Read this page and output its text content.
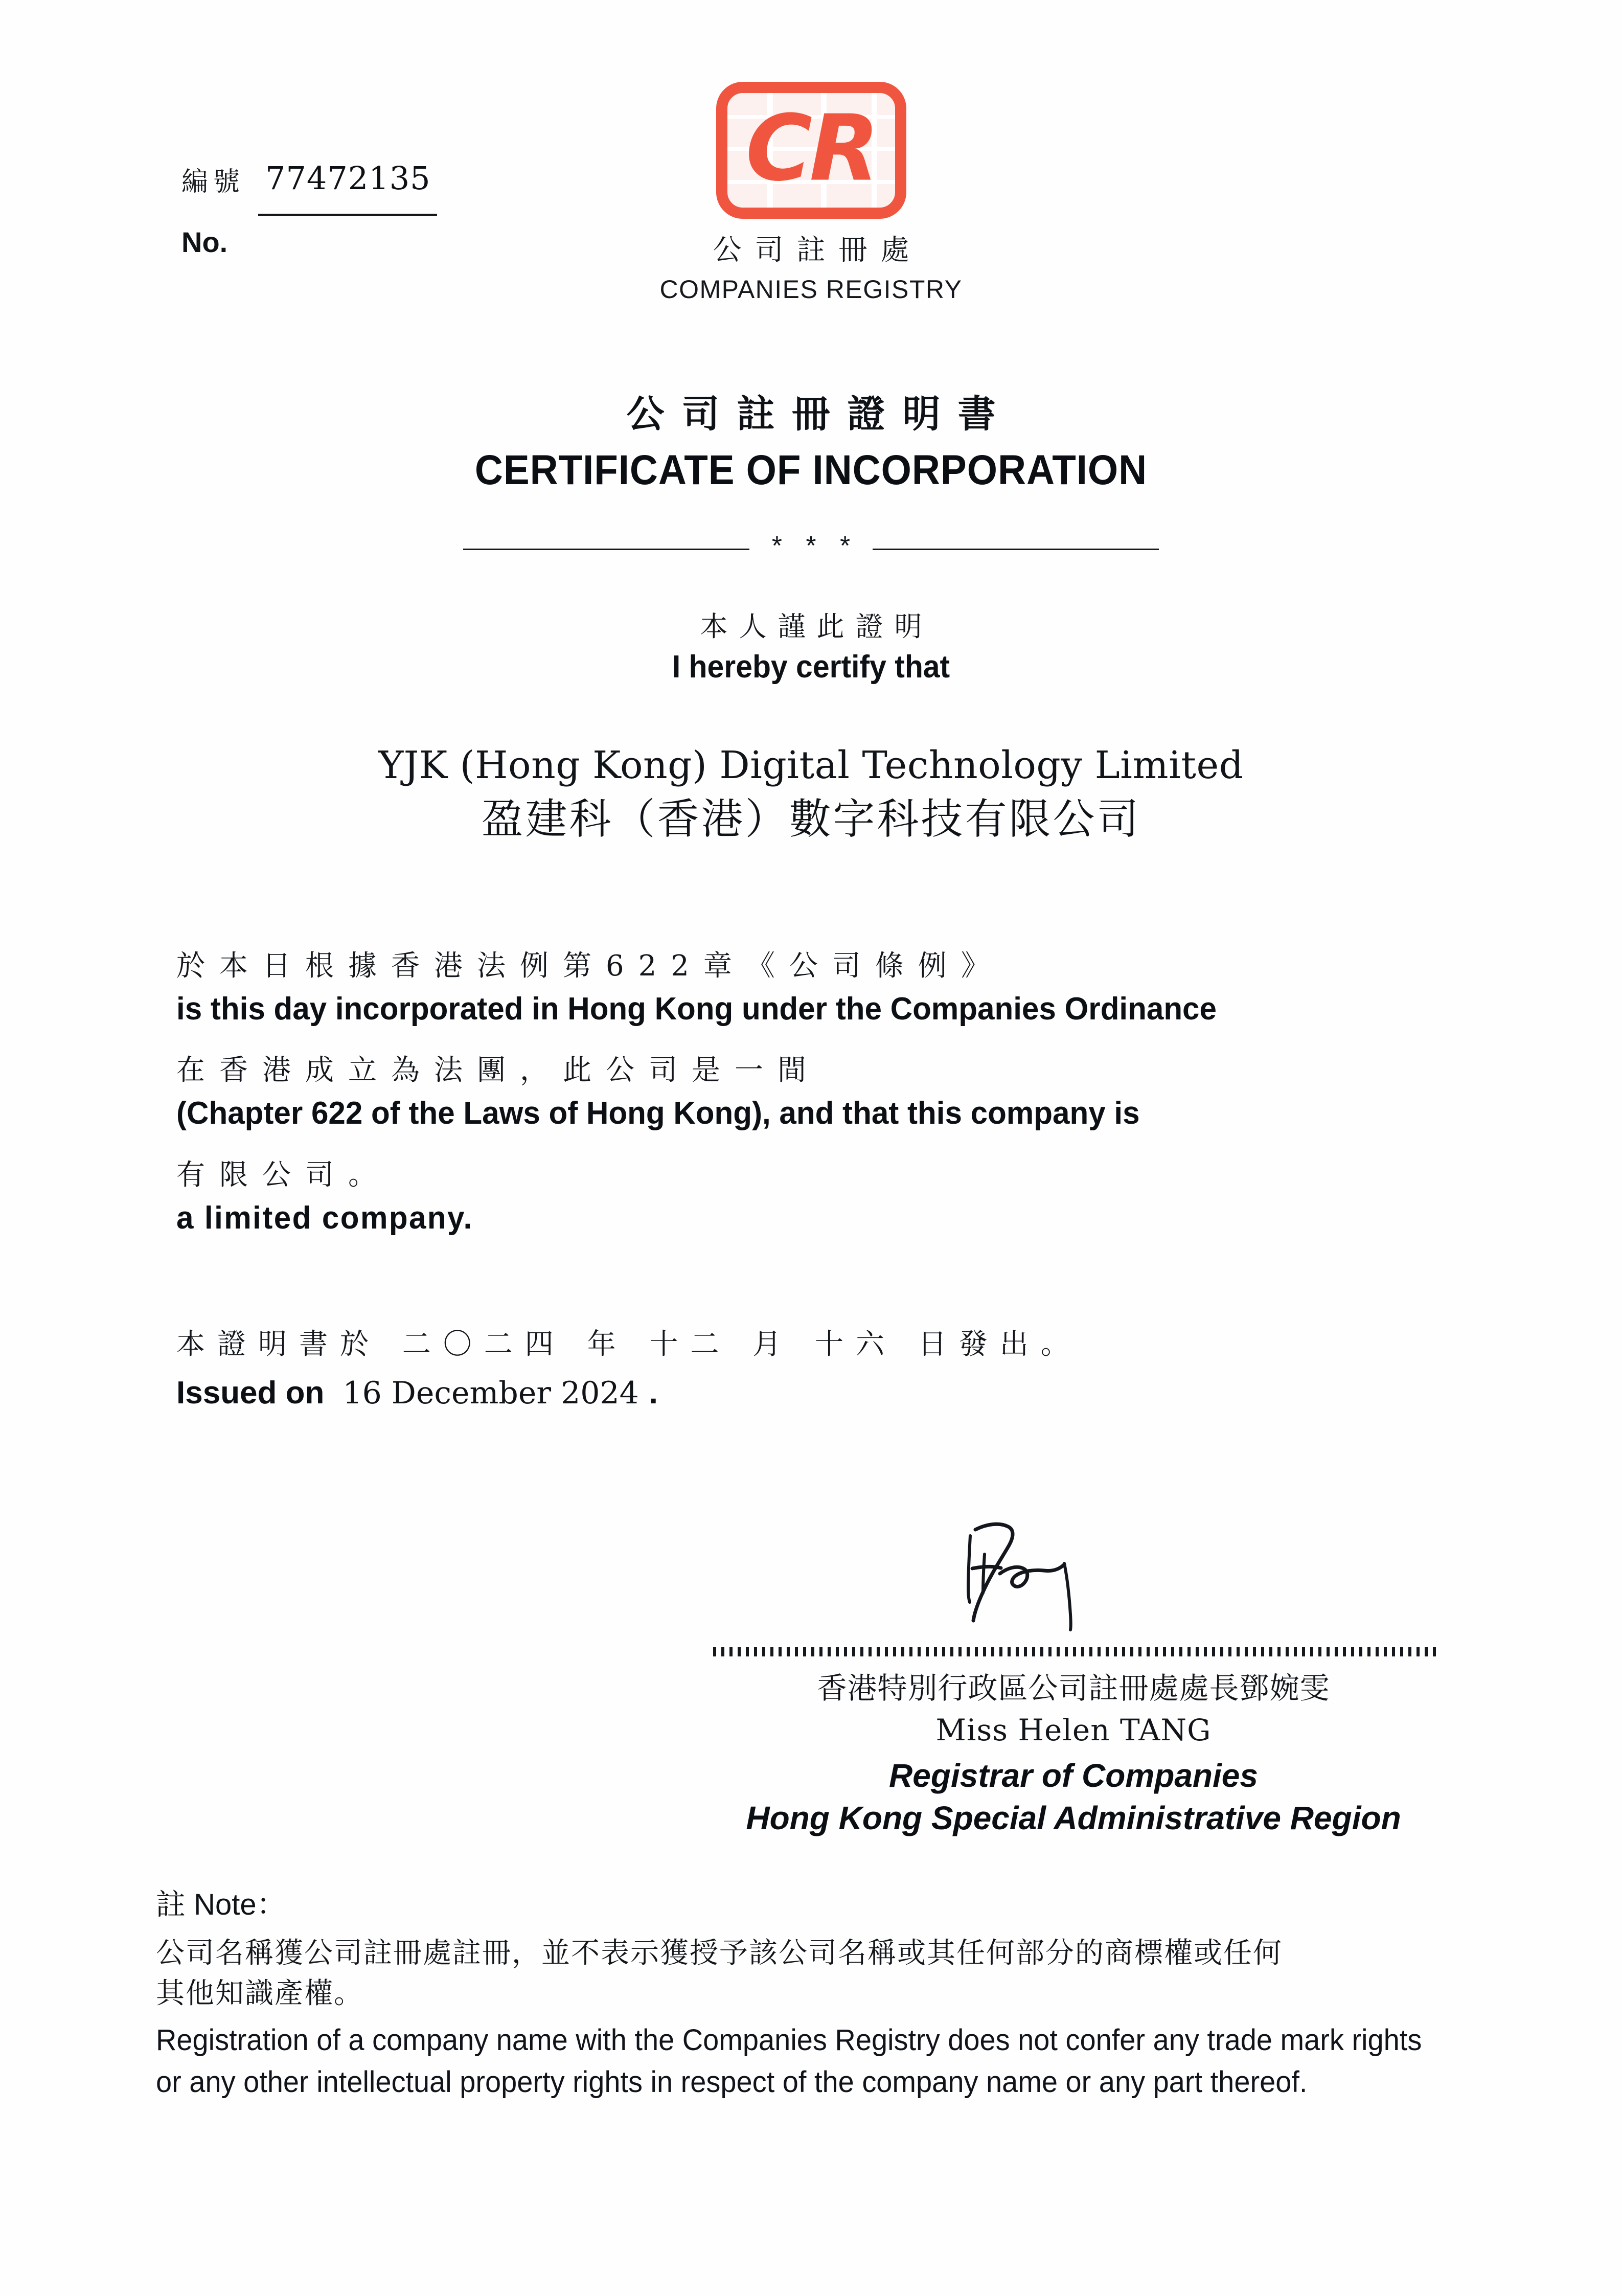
編號 77472135
No.
CR
公司註冊處
COMPANIES REGISTRY
公司註冊證明書
CERTIFICATE OF INCORPORATION
* * *
本人謹此證明
I hereby certify that
YJK (Hong Kong) Digital Technology Limited
盈建科（香港）數字科技有限公司
於本日根據香港法例第622章《公司條例》
is this day incorporated in Hong Kong under the Companies Ordinance
在香港成立為法團，此公司是一間
(Chapter 622 of the Laws of Hong Kong), and that this company is
有限公司。
a limited company.
本證明書於 二〇二四 年 十二 月 十六 日發出。
Issued on 16 December 2024 .
香港特別行政區公司註冊處處長鄧婉雯
Miss Helen TANG
Registrar of Companies
Hong Kong Special Administrative Region
註 Note：
公司名稱獲公司註冊處註冊，並不表示獲授予該公司名稱或其任何部分的商標權或任何
其他知識產權。
Registration of a company name with the Companies Registry does not confer any trade mark rights
or any other intellectual property rights in respect of the company name or any part thereof.
